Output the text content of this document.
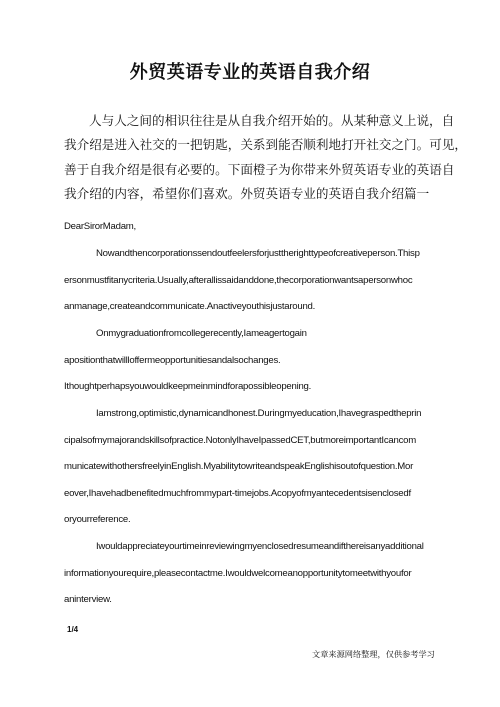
外贸英语专业的英语自我介绍
人与人之间的相识往往是从自我介绍开始的。从某种意义上说，自
我介绍是进入社交的一把钥匙，关系到能否顺利地打开社交之门。可见，
善于自我介绍是很有必要的。下面橙子为你带来外贸英语专业的英语自
我介绍的内容，希望你们喜欢。外贸英语专业的英语自我介绍篇一
DearSirorMadam,
Nowandthencorporationssendoutfeelersforjusttherighttypeofcreativeperson.Thisp
ersonmustfitanycriteria.Usually,afterallissaidanddone,thecorporationwantsapersonwhoc
anmanage,createandcommunicate.Anactiveyouthisjustaround.
Onmygraduationfromcollegerecently,Iameagertogain
apositionthatwillloffermeopportunitiesandalsochanges.
Ithoughtperhapsyouwouldkeepmeinmindforapossibleopening.
Iamstrong,optimistic,dynamicandhonest.Duringmyeducation,Ihavegraspedtheprin
cipalsofmymajorandskillsofpractice.NotonlyIhaveIpassedCET,butmoreimportantIcancom
municatewithothersfreelyinEnglish.MyabilitytowriteandspeakEnglishisoutofquestion.Mor
eover,Ihavehadbenefitedmuchfrommypart-timejobs.Acopyofmyantecedentsisenclosedf
oryourreference.
Iwouldappreciateyourtimeinreviewingmyenclosedresumeandifthereisanyadditional
informationyourequire,pleasecontactme.Iwouldwelcomeanopportunitytomeetwithyoufor
aninterview.
1/4
文章来源网络整理，仅供参考学习
